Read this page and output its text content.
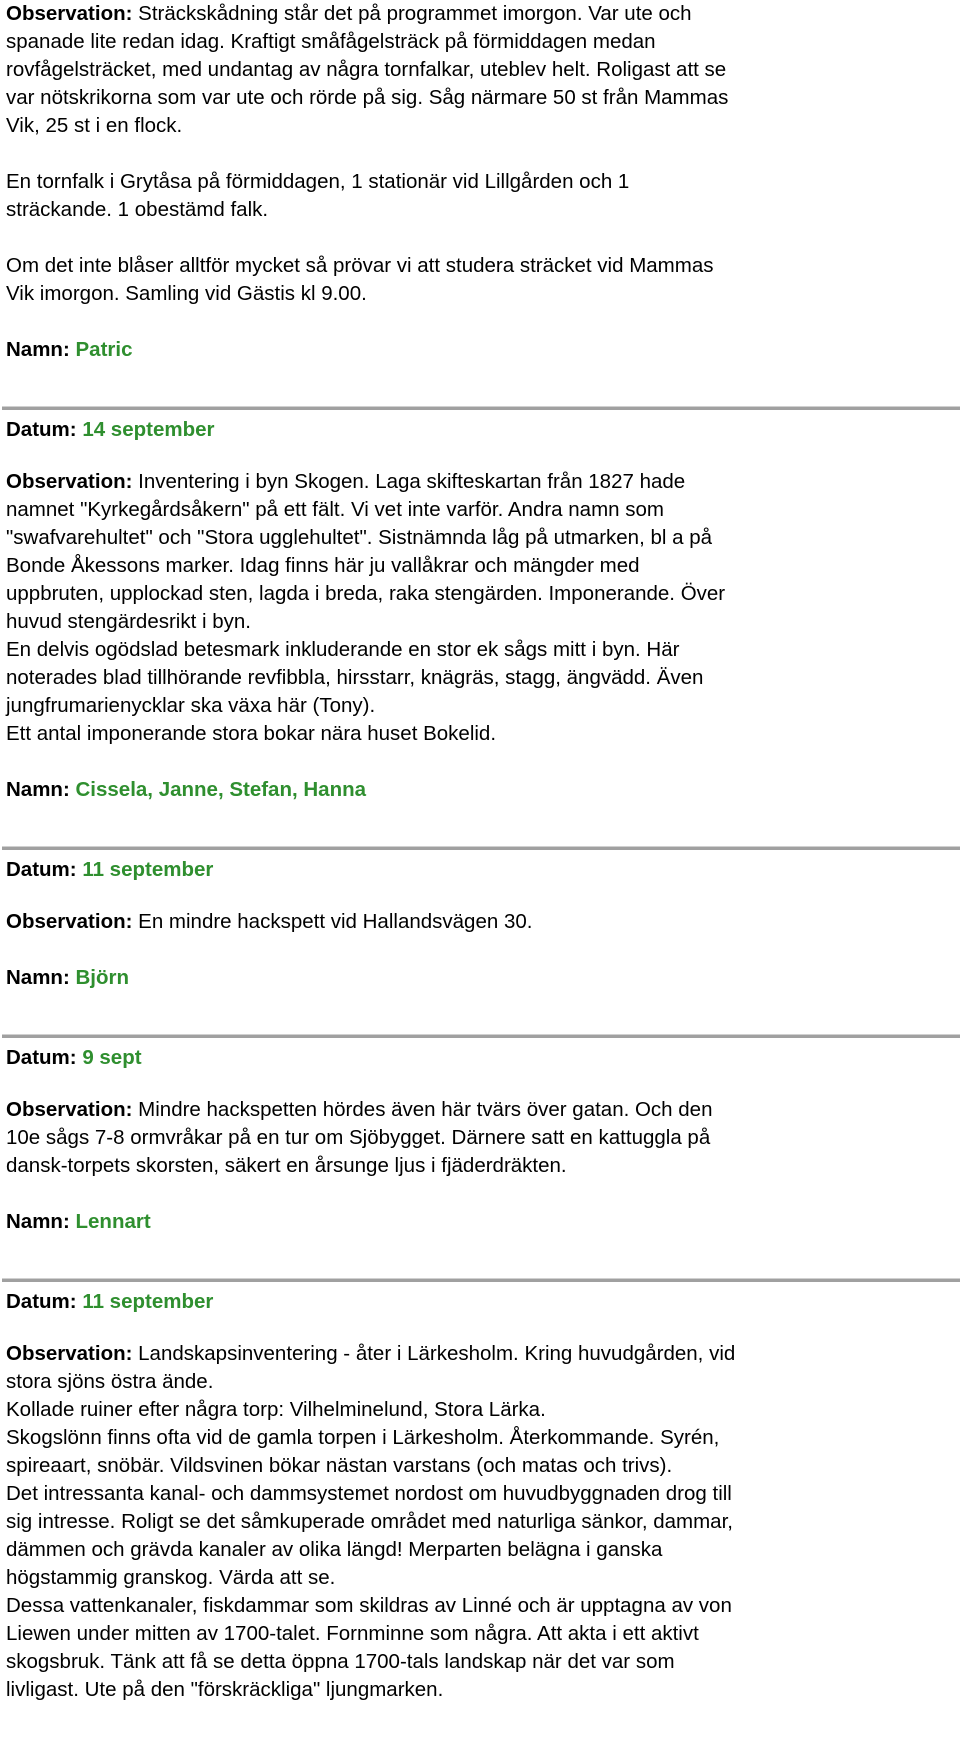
Observation: Sträckskådning står det på programmet imorgon. Var ute och

spanade lite redan idag. Kraftigt småfågelsträck på förmiddagen medan

rovfågelsträcket, med undantag av några tornfalkar, uteblev helt. Roligast att se

var nötskrikorna som var ute och rörde på sig. Såg närmare 50 st från Mammas

Vik, 25 st i en flock.

En tornfalk i Grytåsa på förmiddagen, 1 stationär vid Lillgården och 1

sträckande. 1 obestämd falk.

Om det inte blåser alltför mycket så prövar vi att studera sträcket vid Mammas

Vik imorgon. Samling vid Gästis kl 9.00.

Namn: Patric

Datum: 14 september

Observation: Inventering i byn Skogen. Laga skifteskartan från 1827 hade

namnet "Kyrkegårdsåkern" på ett fält. Vi vet inte varför. Andra namn som

"swafvarehultet" och "Stora ugglehultet". Sistnämnda låg på utmarken, bl a på

Bonde Åkessons marker. Idag finns här ju vallåkrar och mängder med

uppbruten, upplockad sten, lagda i breda, raka stengärden. Imponerande. Över

huvud stengärdesrikt i byn.

En delvis ogödslad betesmark inkluderande en stor ek sågs mitt i byn. Här

noterades blad tillhörande revfibbla, hirsstarr, knägräs, stagg, ängvädd. Även

jungfrumarienycklar ska växa här (Tony).

Ett antal imponerande stora bokar nära huset Bokelid.

Namn: Cissela, Janne, Stefan, Hanna

Datum: 11 september

Observation: En mindre hackspett vid Hallandsvägen 30.

Namn: Björn

Datum: 9 sept

Observation: Mindre hackspetten hördes även här tvärs över gatan. Och den

10e sågs 7-8 ormvråkar på en tur om Sjöbygget. Därnere satt en kattuggla på

dansk-torpets skorsten, säkert en årsunge ljus i fjäderdräkten.

Namn: Lennart

Datum: 11 september

Observation: Landskapsinventering - åter i Lärkesholm. Kring huvudgården, vid

stora sjöns östra ände.

Kollade ruiner efter några torp: Vilhelminelund, Stora Lärka.

Skogslönn finns ofta vid de gamla torpen i Lärkesholm. Återkommande. Syrén,

spireaart, snöbär. Vildsvinen bökar nästan varstans (och matas och trivs).

Det intressanta kanal- och dammsystemet nordost om huvudbyggnaden drog till

sig intresse. Roligt se det såmkuperade området med naturliga sänkor, dammar,

dämmen och grävda kanaler av olika längd! Merparten belägna i ganska

högstammig granskog. Värda att se.

Dessa vattenkanaler, fiskdammar som skildras av Linné och är upptagna av von

Liewen under mitten av 1700-talet. Fornminne som några. Att akta i ett aktivt

skogsbruk. Tänk att få se detta öppna 1700-tals landskap när det var som

livligast. Ute på den "förskräckliga" ljungmarken.
